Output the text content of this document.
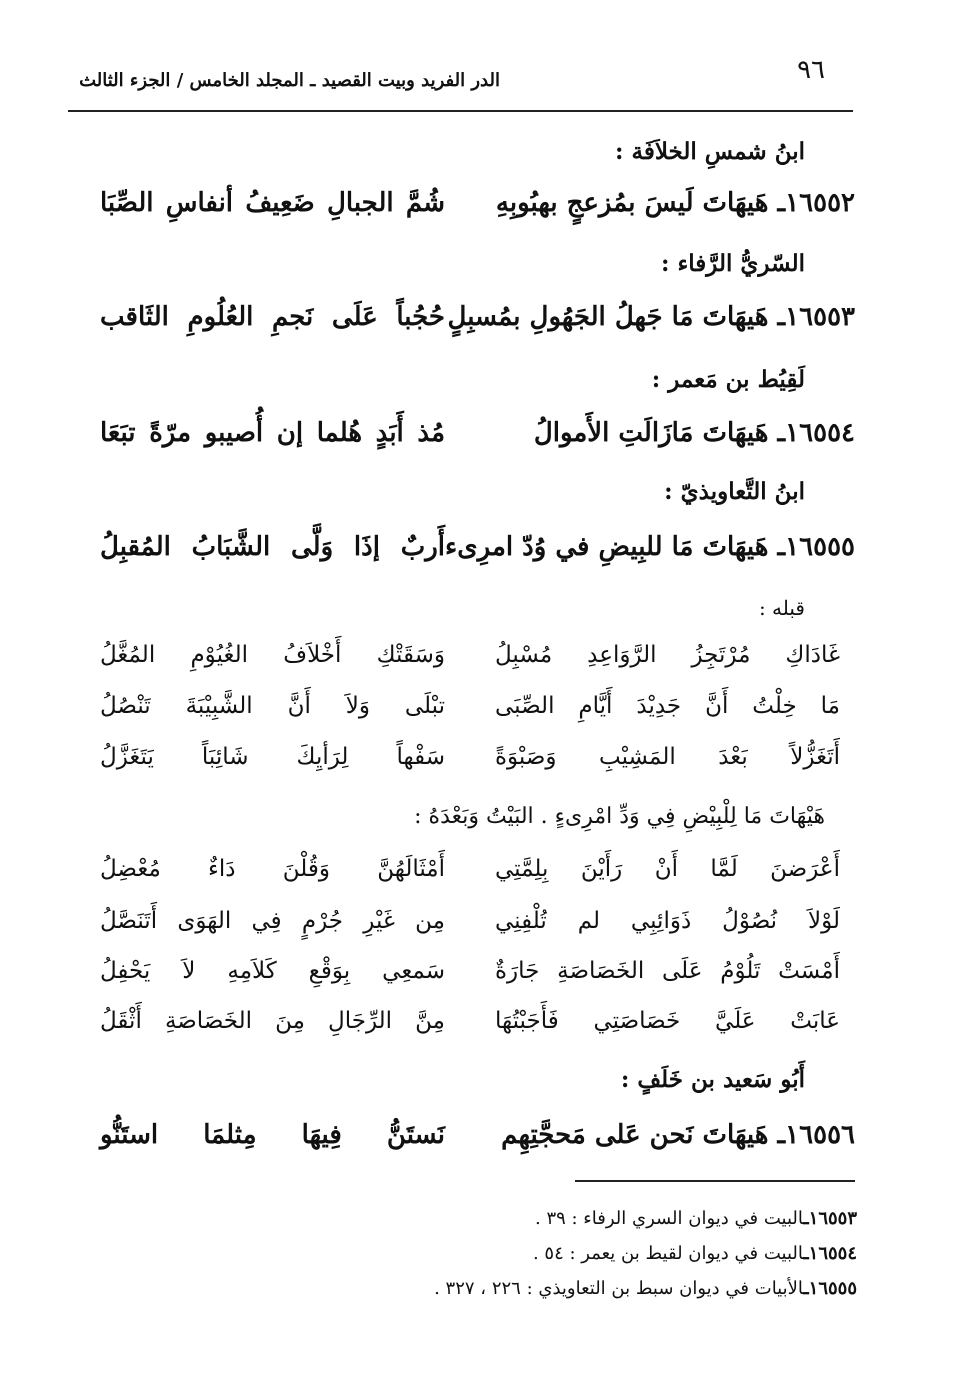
٩٦
الدر الفريد وبيت القصيد ـ المجلد الخامس / الجزء الثالث
ابنُ شمسِ الخلاَفَة :
١٦٥٥٢ـ هَيهَاتَ لَيسَ بمُزعجٍ بهبُوبِهِ
شُمَّ الجبالِ ضَعِيفُ أنفاسِ الصِّبَا
السّريُّ الرَّفاء :
١٦٥٥٣ـ هَيهَاتَ مَا جَهلُ الجَهُولِ بمُسبِلٍ
حُجُباً عَلَى نَجمِ العُلُومِ الثَاقب
لَقِيُط بن مَعمر :
١٦٥٥٤ـ هَيهَاتَ مَازَالَتِ الأَموالُ
مُذ أَبَدٍ هُلما إن أُصيبو مرّةً تبَعَا
ابنُ التَّعاويذيّ :
١٦٥٥٥ـ هَيهَاتَ مَا للبِيضِ في وُدّ امرِىء
أَربٌ إذَا وَلَّى الشَّبَابُ المُقبِلُ
قبله :
غَادَاكِ مُرْتَجِزُ الرَّوَاعِدِ مُسْبِلُ
وَسَقَتْكِ أَخْلاَفُ الغُيُوْمِ المُغَّلُ
مَا خِلْتُ أَنَّ جَدِيْدَ أَيَّامِ الصِّبَى
تبْلَى وَلاَ أَنَّ الشَّبِيْبَةَ تَنْصُلُ
أَتَغَزُّلاً بَعْدَ المَشِيْبِ وَصَبْوَةً
سَفْهاً لِرَأيِكَ شَائِبَاً يَتَغَزَّلُ
هَيْهَاتَ مَا لِلْبِيْضِ فِي وَدِّ امْرِىءٍ . البَيْتُ وَبَعْدَهُ :
أَعْرَضنَ لَمَّا أَنْ رَأَيْنَ بِلِمَّتِي
أَمْثَالَهُنَّ وَقُلْنَ دَاءٌ مُعْضِلُ
لَوْلاَ نُصُوْلُ ذَوَائِبِي لم تُلْفِنِي
مِن غَيْرِ جُرْمٍ فِي الهَوَى أَتَنَصَّلُ
أَمْسَتْ تَلُوْمُ عَلَى الخَصَاصَةِ جَارَةٌ
سَمعِي بِوَقْعِ كَلاَمِهِ لاَ يَحْفِلُ
عَابَتْ عَلَيَّ خَصَاصَتِي فَأَجَبْتُهَا
مِنَّ الرِّجَالِ مِنَ الخَصَاصَةِ أَثْقَلُ
أَبُو سَعيد بن خَلَفٍ :
١٦٥٥٦ـ هَيهَاتَ نَحن عَلى مَحجَّتِهِم
نَستَنُّ فِيهَا مِثلمَا استَنُّو
١٦٥٥٣ـالبيت في ديوان السري الرفاء : ٣٩ .
١٦٥٥٤ـالبيت في ديوان لقيط بن يعمر : ٥٤ .
١٦٥٥٥ـالأبيات في ديوان سبط بن التعاويذي : ٢٢٦ ، ٣٢٧ .
